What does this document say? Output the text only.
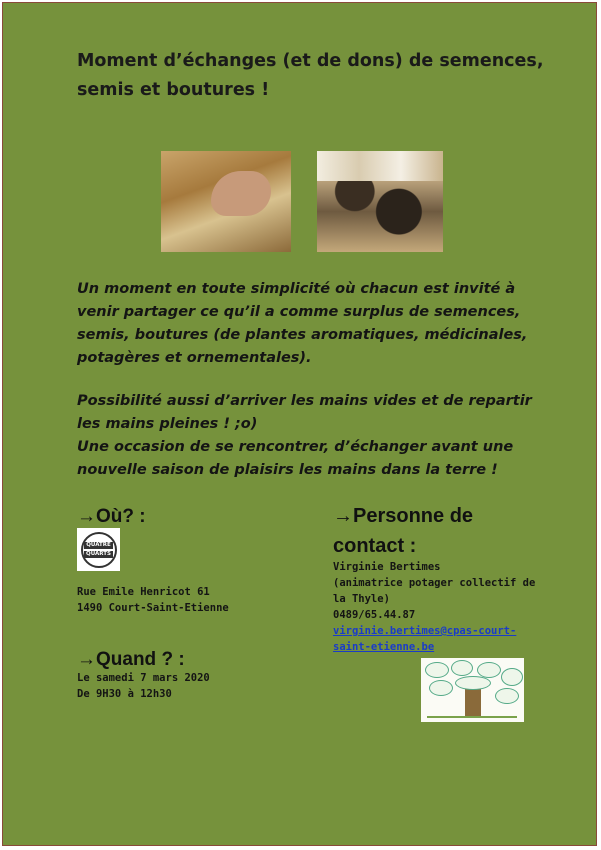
Moment d’échanges (et de dons) de semences, semis et boutures !

Un moment en toute simplicité où chacun est invité à venir partager ce qu’il a comme surplus de semences, semis, boutures (de plantes aromatiques, médicinales, potagères et ornementales).

Possibilité aussi d’arriver les mains vides et de repartir les mains pleines ! ;o)
Une occasion de se rencontrer, d’échanger avant une nouvelle saison de plaisirs les mains dans la terre !

→Où? :
QUATRE
QUARTS

Rue Emile Henricot 61
1490 Court-Saint-Etienne

→Quand ? :

Le samedi 7 mars 2020
De 9H30 à 12h30

→Personne de contact :

Virginie Bertimes
(animatrice potager collectif de la Thyle)
0489/65.44.87
virginie.bertimes@cpas-court-saint-etienne.be
